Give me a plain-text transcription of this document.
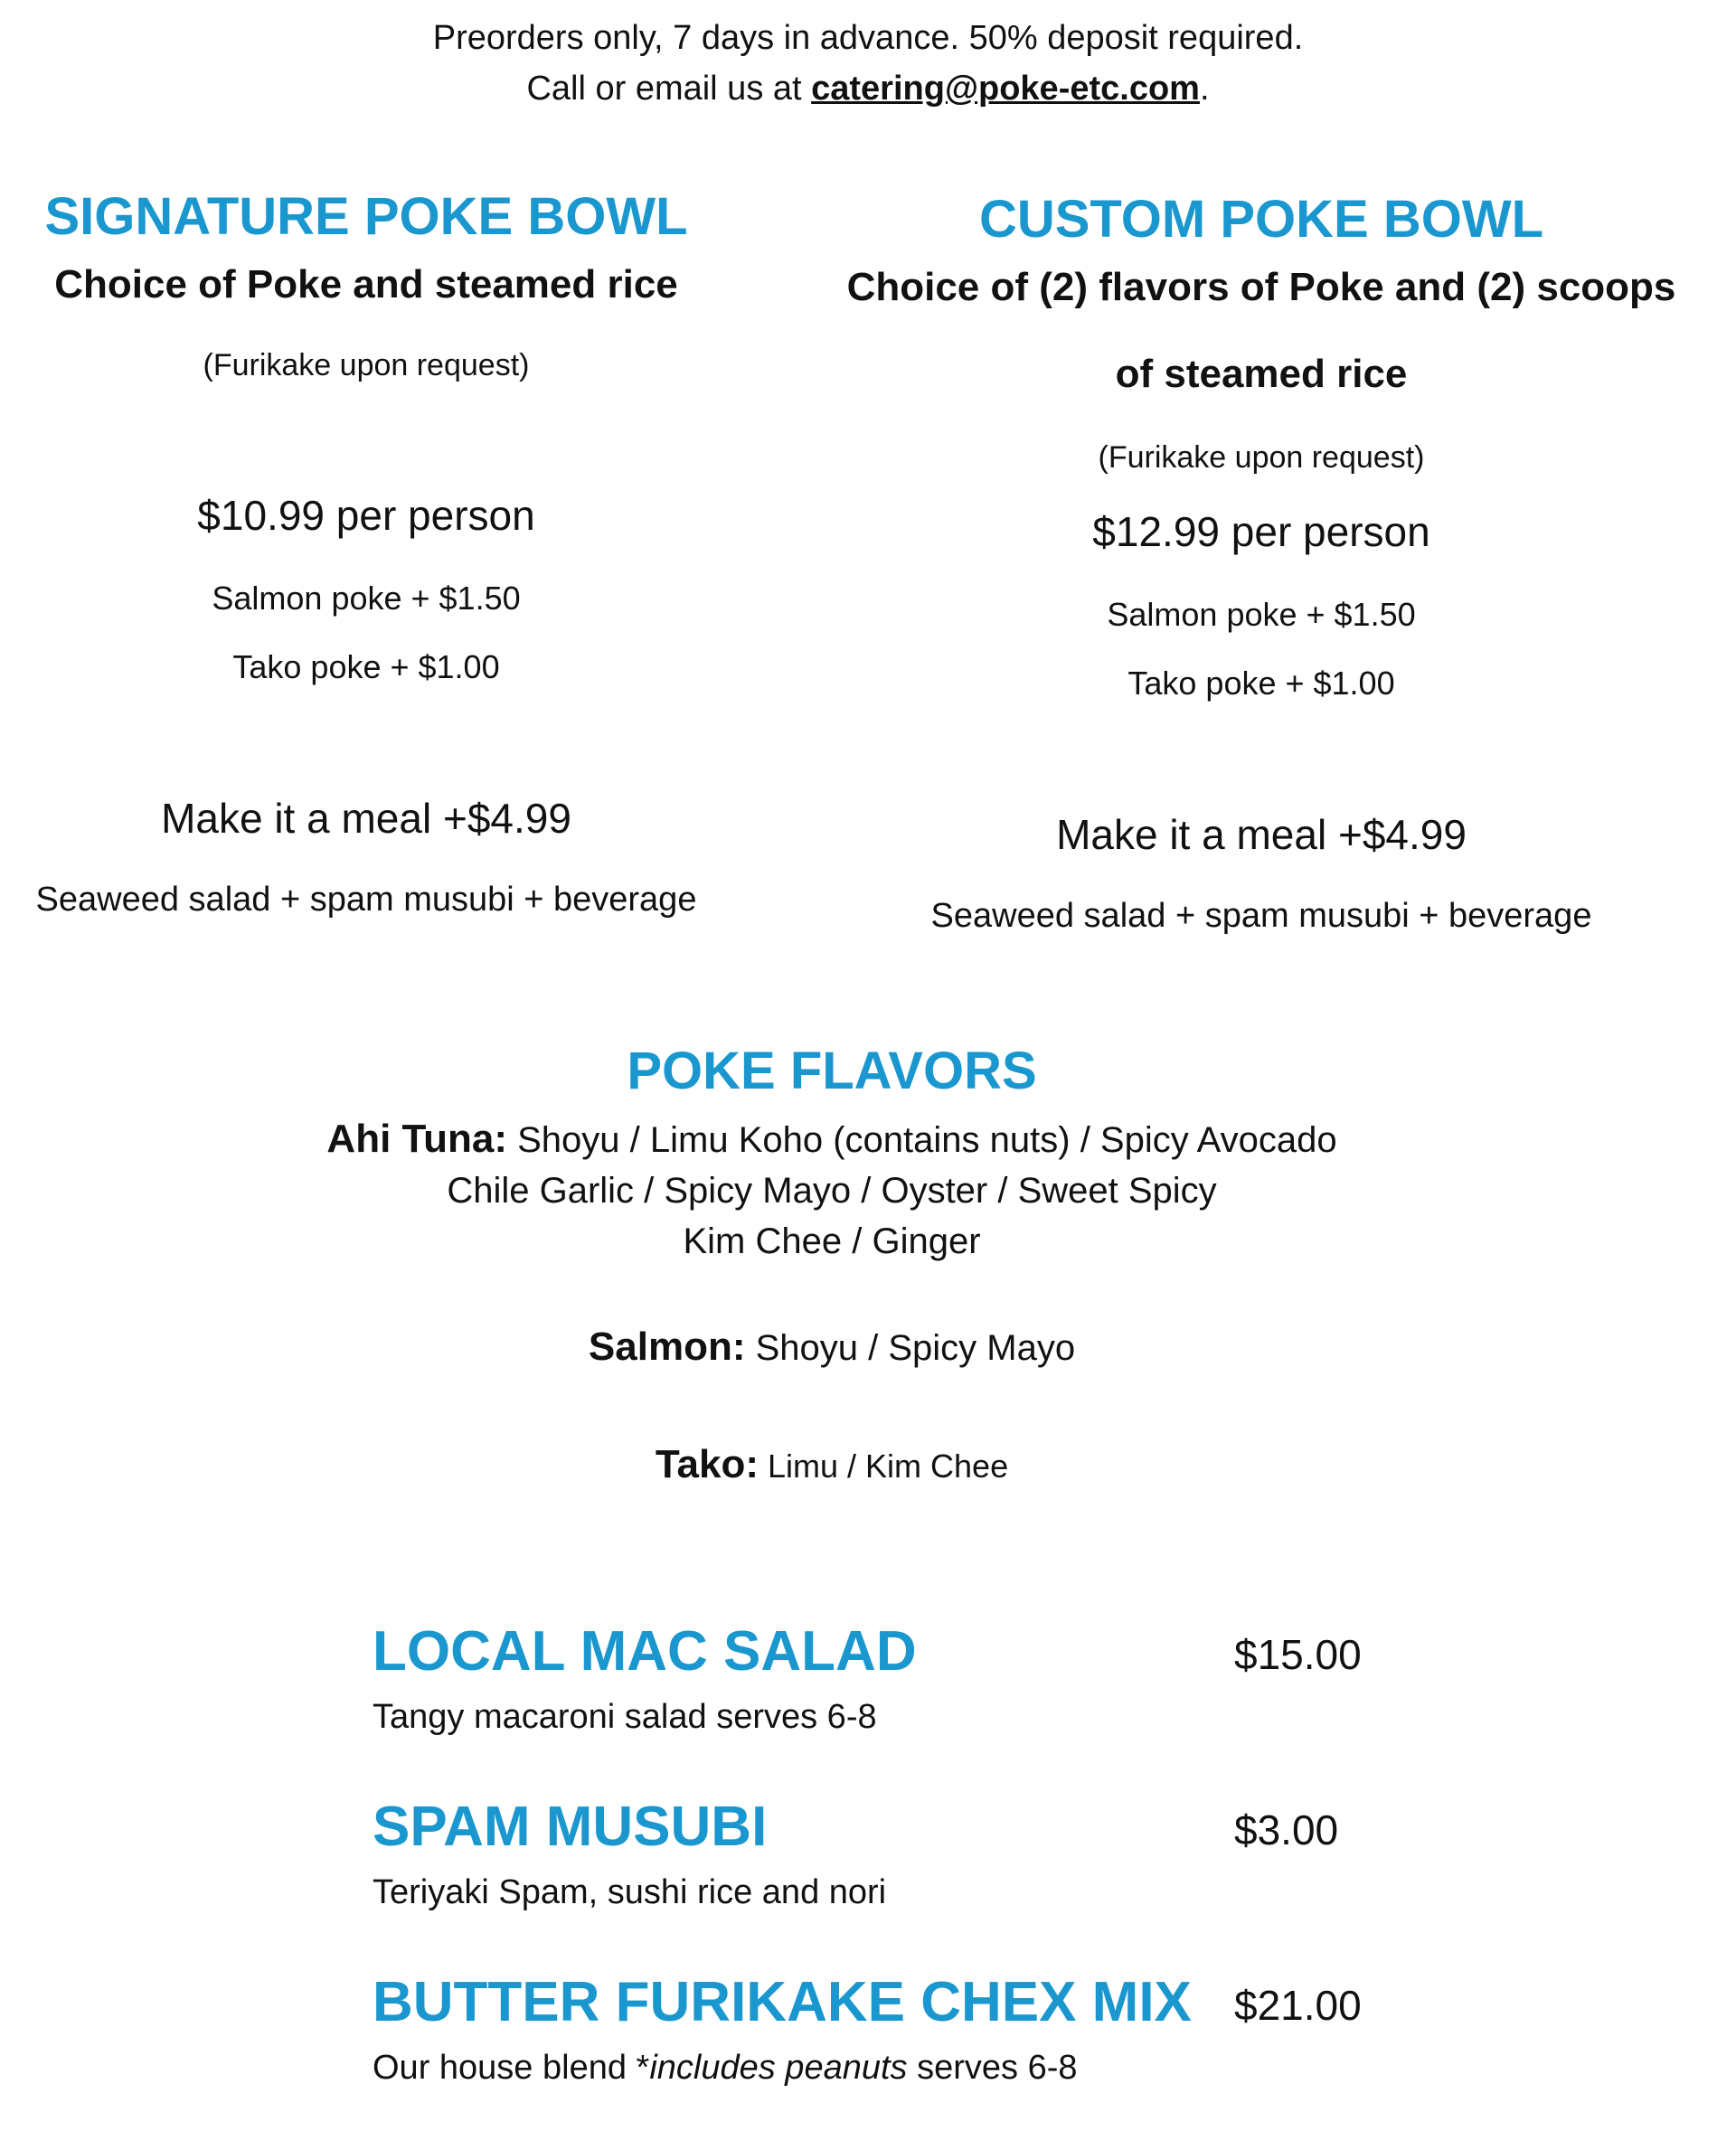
Preorders only, 7 days in advance. 50% deposit required.
Call or email us at catering@poke-etc.com.
SIGNATURE POKE BOWL
Choice of Poke and steamed rice
(Furikake upon request)
$10.99 per person
Salmon poke + $1.50
Tako poke + $1.00
Make it a meal +$4.99
Seaweed salad + spam musubi + beverage
CUSTOM POKE BOWL
Choice of (2) flavors of Poke and (2) scoops
of steamed rice
(Furikake upon request)
$12.99 per person
Salmon poke + $1.50
Tako poke + $1.00
Make it a meal +$4.99
Seaweed salad + spam musubi + beverage
POKE FLAVORS
Ahi Tuna: Shoyu / Limu Koho (contains nuts) / Spicy Avocado
Chile Garlic / Spicy Mayo / Oyster / Sweet Spicy
Kim Chee / Ginger
Salmon: Shoyu / Spicy Mayo
Tako: Limu / Kim Chee
LOCAL MAC SALAD	$15.00
Tangy macaroni salad serves 6-8
SPAM MUSUBI	$3.00
Teriyaki Spam, sushi rice and nori
BUTTER FURIKAKE CHEX MIX $21.00
Our house blend *includes peanuts serves 6-8
